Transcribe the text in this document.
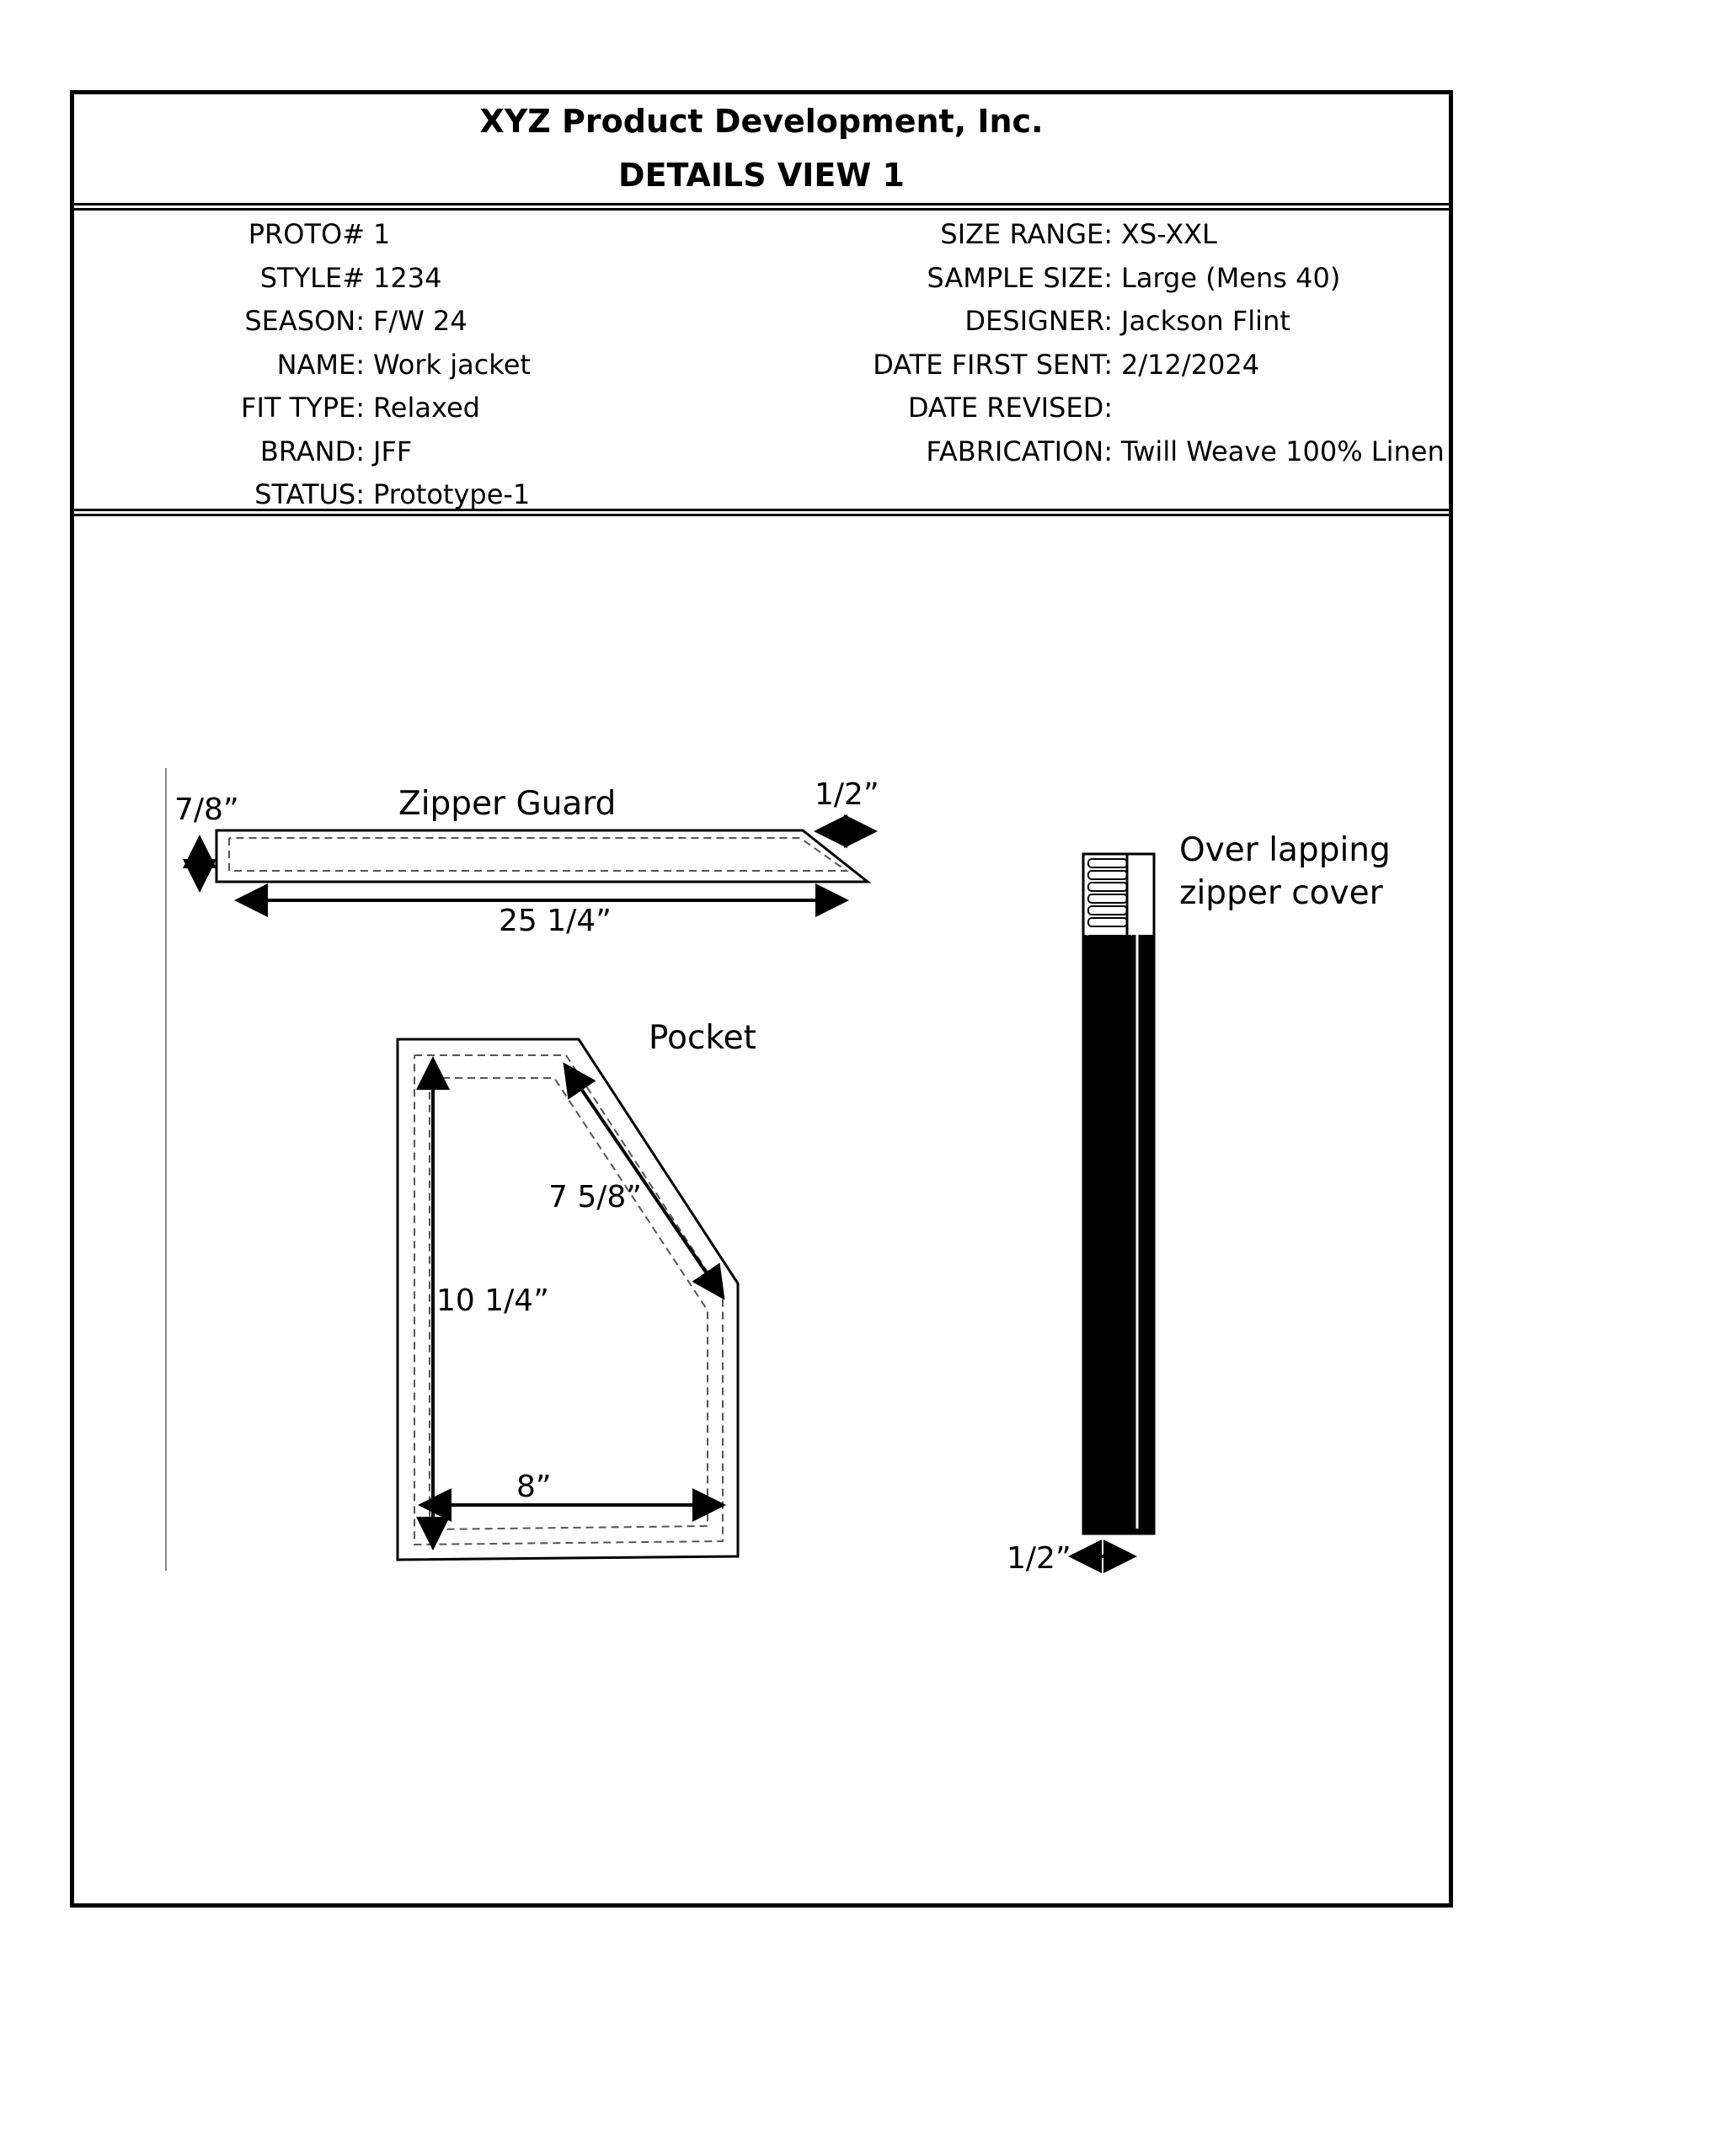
XYZ Product Development, Inc.
DETAILS VIEW 1
PROTO# 1
STYLE# 1234
SEASON: F/W 24
NAME: Work jacket
FIT TYPE: Relaxed
BRAND: JFF
STATUS: Prototype-1
SIZE RANGE: XS-XXL
SAMPLE SIZE: Large (Mens 40)
DESIGNER: Jackson Flint
DATE FIRST SENT: 2/12/2024
DATE REVISED:
FABRICATION: Twill Weave 100% Linen
Zipper Guard
7/8”	1/2”
25 1/4”
Pocket
7 5/8”
10 1/4”
8”
Over lapping
zipper cover
1/2”
